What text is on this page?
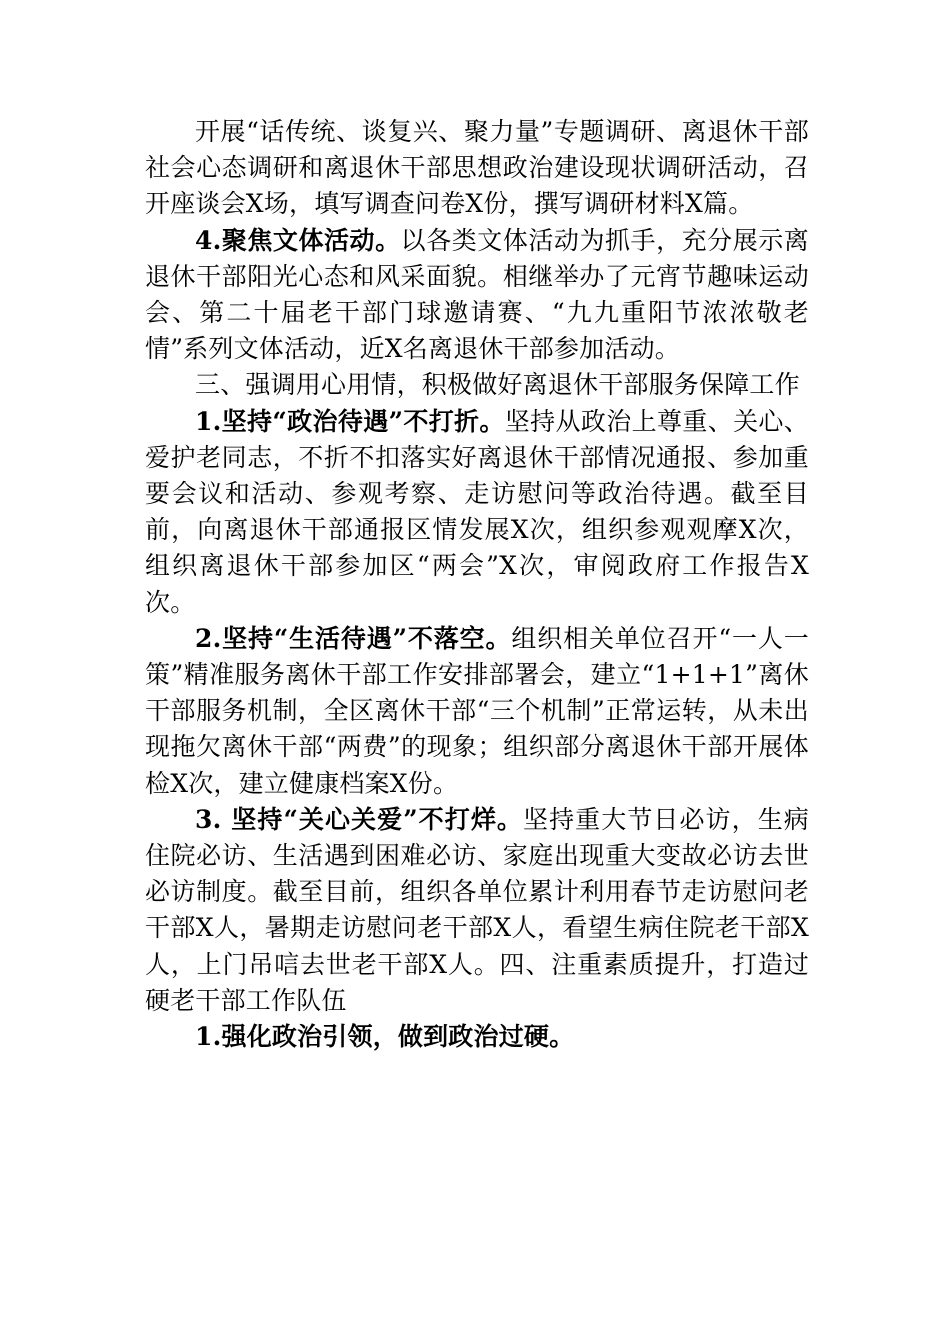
开展“话传统、谈复兴、聚力量”专题调研、离退休干部社会心态调研和离退休干部思想政治建设现状调研活动，召开座谈会X场，填写调查问卷X份，撰写调研材料X篇。

4.聚焦文体活动。以各类文体活动为抓手，充分展示离退休干部阳光心态和风采面貌。相继举办了元宵节趣味运动会、第二十届老干部门球邀请赛、“九九重阳节浓浓敬老情”系列文体活动，近X名离退休干部参加活动。

三、强调用心用情，积极做好离退休干部服务保障工作

1.坚持“政治待遇”不打折。坚持从政治上尊重、关心、爱护老同志，不折不扣落实好离退休干部情况通报、参加重要会议和活动、参观考察、走访慰问等政治待遇。截至目前，向离退休干部通报区情发展X次，组织参观观摩X次，组织离退休干部参加区“两会”X次，审阅政府工作报告X次。

2.坚持“生活待遇”不落空。组织相关单位召开“一人一策”精准服务离休干部工作安排部署会，建立“1+1+1”离休干部服务机制，全区离休干部“三个机制”正常运转，从未出现拖欠离休干部“两费”的现象；组织部分离退休干部开展体检X次，建立健康档案X份。

3. 坚持“关心关爱”不打烊。坚持重大节日必访，生病住院必访、生活遇到困难必访、家庭出现重大变故必访去世必访制度。截至目前，组织各单位累计利用春节走访慰问老干部X人，暑期走访慰问老干部X人，看望生病住院老干部X人，上门吊唁去世老干部X人。四、注重素质提升，打造过硬老干部工作队伍

1.强化政治引领，做到政治过硬。
